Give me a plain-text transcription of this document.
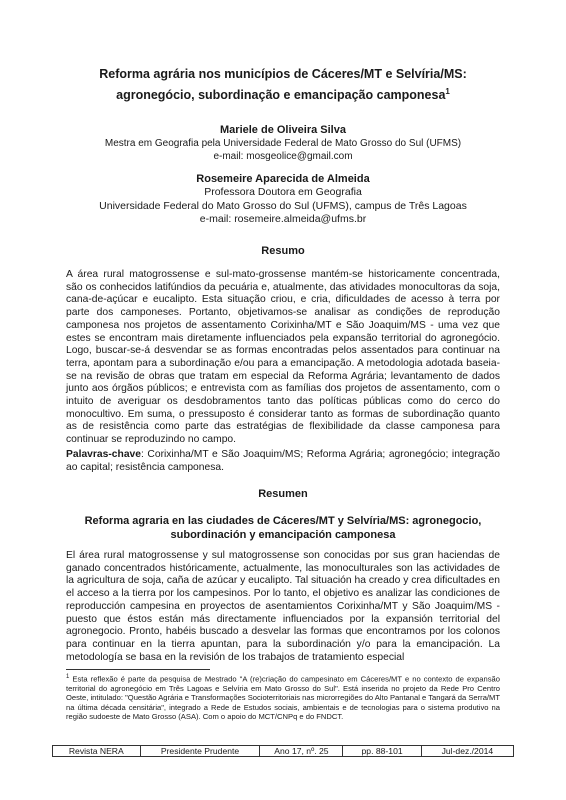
Reforma agrária nos municípios de Cáceres/MT e Selvíria/MS:
agronegócio, subordinação e emancipação camponesa$^1$
Mariele de Oliveira Silva
Mestra em Geografia pela Universidade Federal de Mato Grosso do Sul (UFMS)
e-mail: mosgeolice@gmail.com
Rosemeire Aparecida de Almeida
Professora Doutora em Geografia
Universidade Federal do Mato Grosso do Sul (UFMS), campus de Três Lagoas
e-mail: rosemeire.almeida@ufms.br
Resumo
A área rural matogrossense e sul-mato-grossense mantém-se historicamente concentrada, são os conhecidos latifúndios da pecuária e, atualmente, das atividades monocultoras da soja, cana-de-açúcar e eucalipto. Esta situação criou, e cria, dificuldades de acesso à terra por parte dos camponeses. Portanto, objetivamos-se analisar as condições de reprodução camponesa nos projetos de assentamento Corixinha/MT e São Joaquim/MS - uma vez que estes se encontram mais diretamente influenciados pela expansão territorial do agronegócio. Logo, buscar-se-á desvendar se as formas encontradas pelos assentados para continuar na terra, apontam para a subordinação e/ou para a emancipação. A metodologia adotada baseia-se na revisão de obras que tratam em especial da Reforma Agrária; levantamento de dados junto aos órgãos públicos; e entrevista com as famílias dos projetos de assentamento, com o intuito de averiguar os desdobramentos tanto das políticas públicas como do cerco do monocultivo. Em suma, o pressuposto é considerar tanto as formas de subordinação quanto as de resistência como parte das estratégias de flexibilidade da classe camponesa para continuar se reproduzindo no campo.
Palavras-chave: Corixinha/MT e São Joaquim/MS; Reforma Agrária; agronegócio; integração ao capital; resistência camponesa.
Resumen
Reforma agraria en las ciudades de Cáceres/MT y Selvíria/MS: agronegocio,
subordinación y emancipación camponesa
El área rural matogrossense y sul matogrossense son conocidas por sus gran haciendas de ganado concentrados históricamente, actualmente, las monoculturales son las actividades de la agricultura de soja, caña de azúcar y eucalipto. Tal situación ha creado y crea dificultades en el acceso a la tierra por los campesinos. Por lo tanto, el objetivo es analizar las condiciones de reproducción campesina en proyectos de asentamientos Corixinha/MT y São Joaquim/MS - puesto que éstos están más directamente influenciados por la expansión territorial del agronegocio. Pronto, habéis buscado a desvelar las formas que encontramos por los colonos para continuar en la tierra apuntan, para la subordinación y/o para la emancipación. La metodología se basa en la revisión de los trabajos de tratamiento especial
$^1$ Esta reflexão é parte da pesquisa de Mestrado "A (re)criação do campesinato em Cáceres/MT e no contexto de expansão territorial do agronegócio em Três Lagoas e Selvíria em Mato Grosso do Sul". Está inserida no projeto da Rede Pro Centro Oeste, intitulado: "Questão Agrária e Transformações Socioterritoriais nas microrregiões do Alto Pantanal e Tangará da Serra/MT na última década censitária", integrado a Rede de Estudos sociais, ambientais e de tecnologias para o sistema produtivo na região sudoeste de Mato Grosso (ASA). Com o apoio do MCT/CNPq e do FNDCT.
Revista NERA	Presidente Prudente	Ano 17, nº. 25	pp. 88-101	Jul-dez./2014
